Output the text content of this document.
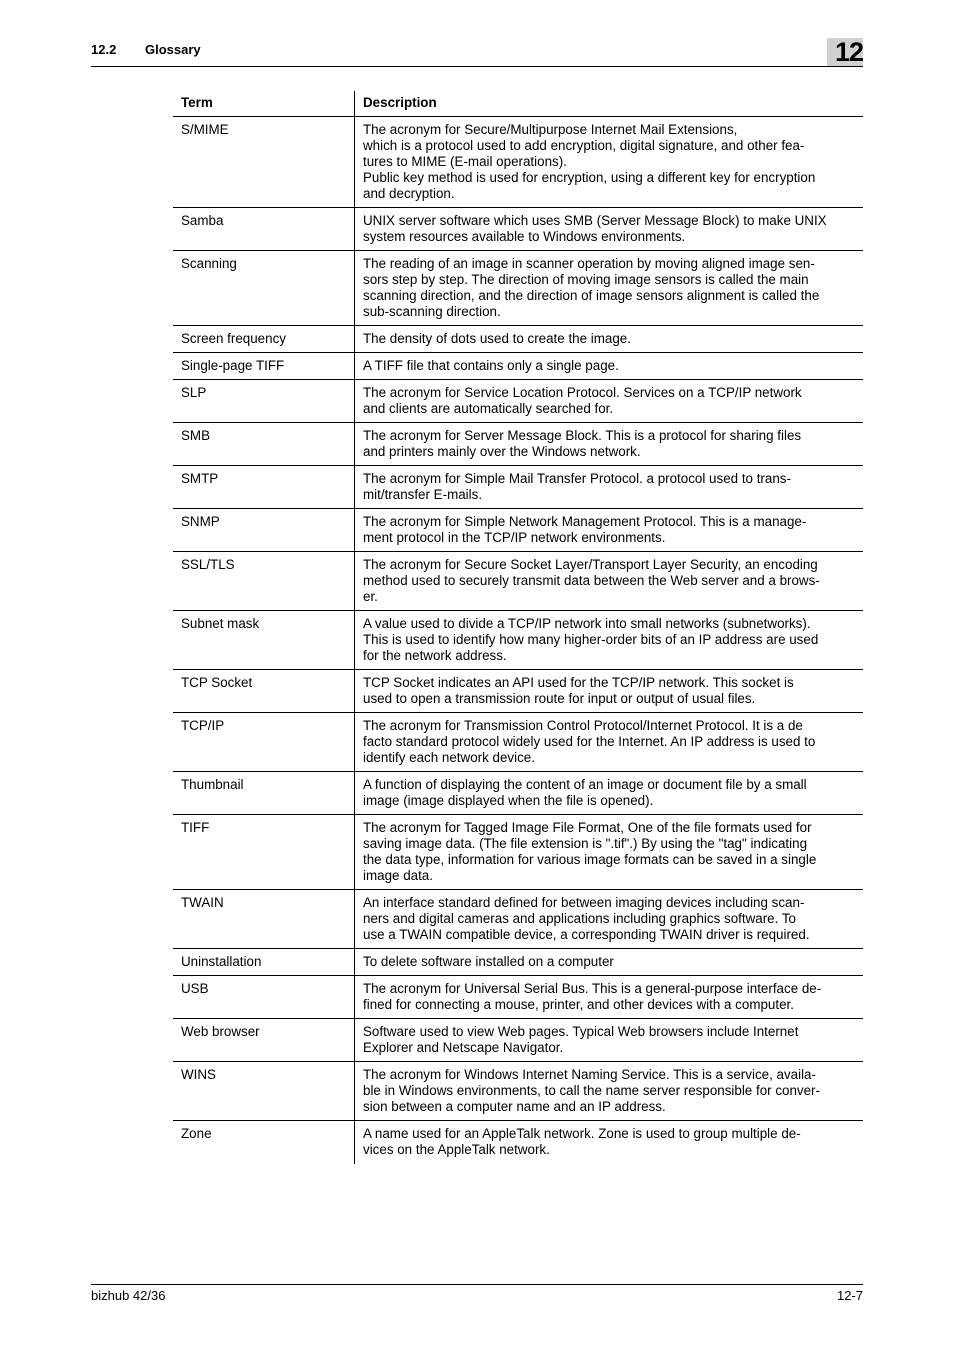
12.2 Glossary	12
Term	Description
S/MIME	The acronym for Secure/Multipurpose Internet Mail Extensions,
which is a protocol used to add encryption, digital signature, and other fea-
tures to MIME (E-mail operations).
Public key method is used for encryption, using a different key for encryption
and decryption.
Samba	UNIX server software which uses SMB (Server Message Block) to make UNIX
system resources available to Windows environments.
Scanning	The reading of an image in scanner operation by moving aligned image sen-
sors step by step. The direction of moving image sensors is called the main
scanning direction, and the direction of image sensors alignment is called the
sub-scanning direction.
Screen frequency	The density of dots used to create the image.
Single-page TIFF	A TIFF file that contains only a single page.
SLP	The acronym for Service Location Protocol. Services on a TCP/IP network
and clients are automatically searched for.
SMB	The acronym for Server Message Block. This is a protocol for sharing files
and printers mainly over the Windows network.
SMTP	The acronym for Simple Mail Transfer Protocol. a protocol used to trans-
mit/transfer E-mails.
SNMP	The acronym for Simple Network Management Protocol. This is a manage-
ment protocol in the TCP/IP network environments.
SSL/TLS	The acronym for Secure Socket Layer/Transport Layer Security, an encoding
method used to securely transmit data between the Web server and a brows-
er.
Subnet mask	A value used to divide a TCP/IP network into small networks (subnetworks).
This is used to identify how many higher-order bits of an IP address are used
for the network address.
TCP Socket	TCP Socket indicates an API used for the TCP/IP network. This socket is
used to open a transmission route for input or output of usual files.
TCP/IP	The acronym for Transmission Control Protocol/Internet Protocol. It is a de
facto standard protocol widely used for the Internet. An IP address is used to
identify each network device.
Thumbnail	A function of displaying the content of an image or document file by a small
image (image displayed when the file is opened).
TIFF	The acronym for Tagged Image File Format, One of the file formats used for
saving image data. (The file extension is ".tif".) By using the "tag" indicating
the data type, information for various image formats can be saved in a single
image data.
TWAIN	An interface standard defined for between imaging devices including scan-
ners and digital cameras and applications including graphics software. To
use a TWAIN compatible device, a corresponding TWAIN driver is required.
Uninstallation	To delete software installed on a computer
USB	The acronym for Universal Serial Bus. This is a general-purpose interface de-
fined for connecting a mouse, printer, and other devices with a computer.
Web browser	Software used to view Web pages. Typical Web browsers include Internet
Explorer and Netscape Navigator.
WINS	The acronym for Windows Internet Naming Service. This is a service, availa-
ble in Windows environments, to call the name server responsible for conver-
sion between a computer name and an IP address.
Zone	A name used for an AppleTalk network. Zone is used to group multiple de-
vices on the AppleTalk network.
bizhub 42/36	12-7
